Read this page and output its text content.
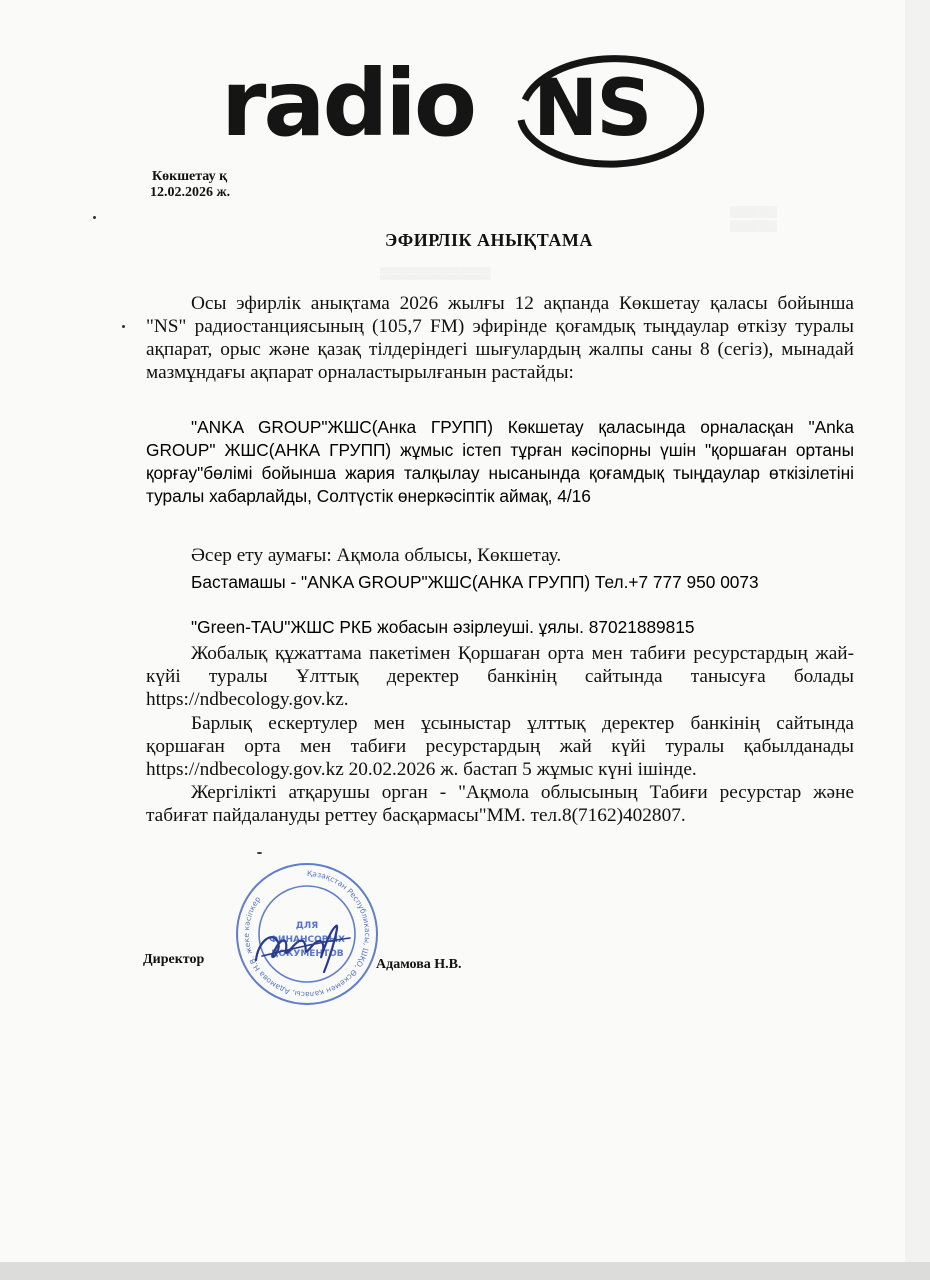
▒▒▒▒▒▒
▒▒▒▒▒▒
▒▒▒▒▒▒▒▒▒▒▒▒▒
radio NS
Көкшетау қ
12.02.2026 ж.
ЭФИРЛІК АНЫҚТАМА
Осы эфирлік анықтама 2026 жылғы 12 ақпанда Көкшетау қаласы бойынша "NS" радиостанциясының (105,7 FM) эфирінде қоғамдық тыңдаулар өткізу туралы ақпарат, орыс және қазақ тілдеріндегі шығулардың жалпы саны 8 (сегіз), мынадай мазмұндағы ақпарат орналастырылғанын растайды:
"ANKA GROUP"ЖШС(Анка ГРУПП) Көкшетау қаласында орналасқан "Anka GROUP" ЖШС(АНКА ГРУПП) жұмыс істеп тұрған кәсіпорны үшін "қоршаған ортаны қорғау"бөлімі бойынша жария талқылау нысанында қоғамдық тыңдаулар өткізілетіні туралы хабарлайды, Солтүстік өнеркәсіптік аймақ, 4/16
Әсер ету аумағы: Ақмола облысы, Көкшетау.
Бастамашы - "ANKA GROUP"ЖШС(АНКА ГРУПП) Тел.+7 777 950 0073
"Green-TAU"ЖШС РКБ жобасын әзірлеуші. ұялы. 87021889815
Жобалық құжаттама пакетімен Қоршаған орта мен табиғи ресурстардың жай-күйі туралы Ұлттық деректер банкінің сайтында танысуға болады https://ndbecology.gov.kz.
Барлық ескертулер мен ұсыныстар ұлттық деректер банкінің сайтында қоршаған орта мен табиғи ресурстардың жай күйі туралы қабылданады https://ndbecology.gov.kz 20.02.2026 ж. бастап 5 жұмыс күні ішінде.
Жергілікті атқарушы орган - "Ақмола облысының Табиғи ресурстар және табиғат пайдалануды реттеу басқармасы"ММ. тел.8(7162)402807.
Қазақстан Республикасы, ШҚО, Өскемен қаласы, Адамова Н.В. жеке кәсіпкер
ДЛЯ
ФИНАНСОВЫХ
ДОКУМЕНТОВ
Директор	Адамова Н.В.
